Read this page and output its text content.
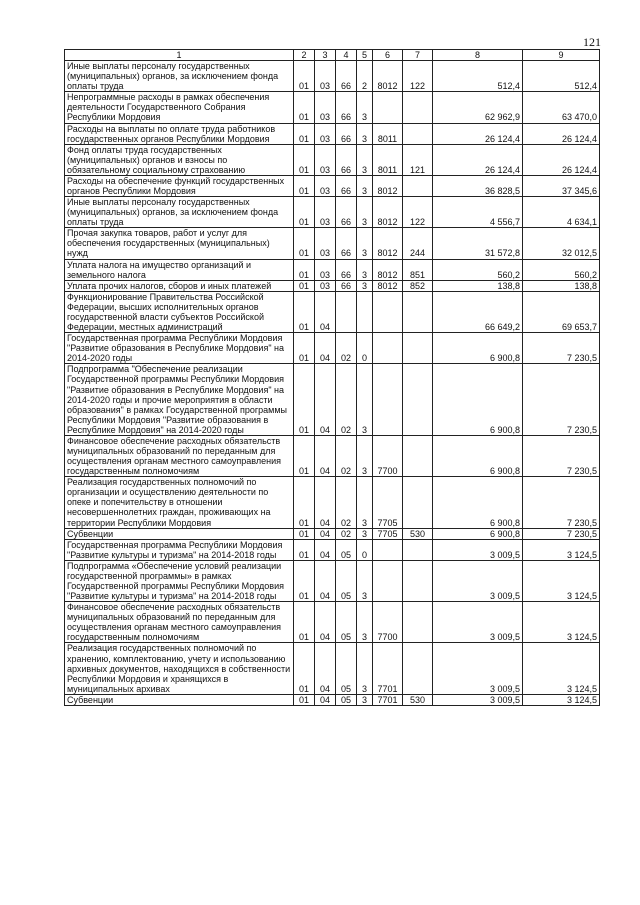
121
1	2	3	4	5	6	7	8	9
Иные выплаты персоналу государственных (муниципальных) органов, за исключением фонда оплаты труда	01	03	66	2	8012	122	512,4	512,4
Непрограммные расходы в рамках обеспечения деятельности Государственного Собрания Республики Мордовия	01	03	66	3			62 962,9	63 470,0
Расходы на выплаты по оплате труда работников государственных органов Республики Мордовия	01	03	66	3	8011		26 124,4	26 124,4
Фонд оплаты труда государственных (муниципальных) органов и взносы по обязательному социальному страхованию	01	03	66	3	8011	121	26 124,4	26 124,4
Расходы на обеспечение функций государственных органов Республики Мордовия	01	03	66	3	8012		36 828,5	37 345,6
Иные выплаты персоналу государственных (муниципальных) органов, за исключением фонда оплаты труда	01	03	66	3	8012	122	4 556,7	4 634,1
Прочая закупка товаров, работ и услуг для обеспечения государственных (муниципальных) нужд	01	03	66	3	8012	244	31 572,8	32 012,5
Уплата налога на имущество организаций и земельного налога	01	03	66	3	8012	851	560,2	560,2
Уплата прочих налогов, сборов и иных платежей	01	03	66	3	8012	852	138,8	138,8
Функционирование Правительства Российской Федерации, высших исполнительных органов государственной власти субъектов Российской Федерации, местных администраций	01	04					66 649,2	69 653,7
Государственная программа Республики Мордовия "Развитие образования в Республике Мордовия" на 2014-2020 годы	01	04	02	0			6 900,8	7 230,5
Подпрограмма "Обеспечение реализации Государственной программы Республики Мордовия "Развитие образования в Республике Мордовия" на 2014-2020 годы и прочие мероприятия в области образования" в рамках Государственной программы Республики Мордовия "Развитие образования в Республике Мордовия" на 2014-2020 годы	01	04	02	3			6 900,8	7 230,5
Финансовое обеспечение расходных обязательств муниципальных образований по переданным для осуществления органам местного самоуправления государственным полномочиям	01	04	02	3	7700		6 900,8	7 230,5
Реализация государственных полномочий по организации и осуществлению деятельности по опеке и попечительству в отношении несовершеннолетних граждан, проживающих на территории Республики Мордовия	01	04	02	3	7705		6 900,8	7 230,5
Субвенции	01	04	02	3	7705	530	6 900,8	7 230,5
Государственная программа Республики Мордовия "Развитие культуры и туризма" на 2014-2018 годы	01	04	05	0			3 009,5	3 124,5
Подпрограмма «Обеспечение условий реализации государственной программы» в рамках Государственной программы Республики Мордовия "Развитие культуры и туризма" на 2014-2018 годы	01	04	05	3			3 009,5	3 124,5
Финансовое обеспечение расходных обязательств муниципальных образований по переданным для осуществления органам местного самоуправления государственным полномочиям	01	04	05	3	7700		3 009,5	3 124,5
Реализация государственных полномочий по хранению, комплектованию, учету и использованию архивных документов, находящихся в собственности Республики Мордовия и хранящихся в муниципальных архивах	01	04	05	3	7701		3 009,5	3 124,5
Субвенции	01	04	05	3	7701	530	3 009,5	3 124,5
